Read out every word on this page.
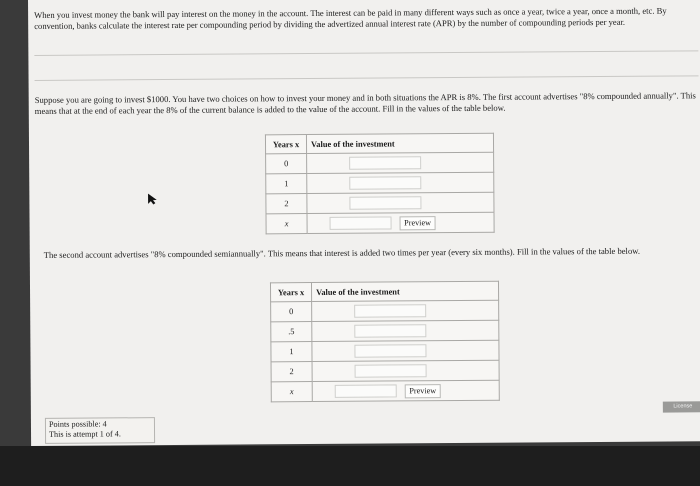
When you invest money the bank will pay interest on the money in the account. The interest can be paid in many different ways such as once a year, twice a year, once a month, etc. By convention, banks calculate the interest rate per compounding period by dividing the advertized annual interest rate (APR) by the number of compounding periods per year.
Suppose you are going to invest $1000. You have two choices on how to invest your money and in both situations the APR is 8%. The first account advertises "8% compounded annually". This means that at the end of each year the 8% of the current balance is added to the value of the account. Fill in the values of the table below.
Years x	Value of the investment
0	
1	
2	
x	Preview
The second account advertises "8% compounded semiannually". This means that interest is added two times per year (every six months). Fill in the values of the table below.
Years x	Value of the investment
0	
.5	
1	
2	
x	Preview
License
Points possible: 4
This is attempt 1 of 4.
